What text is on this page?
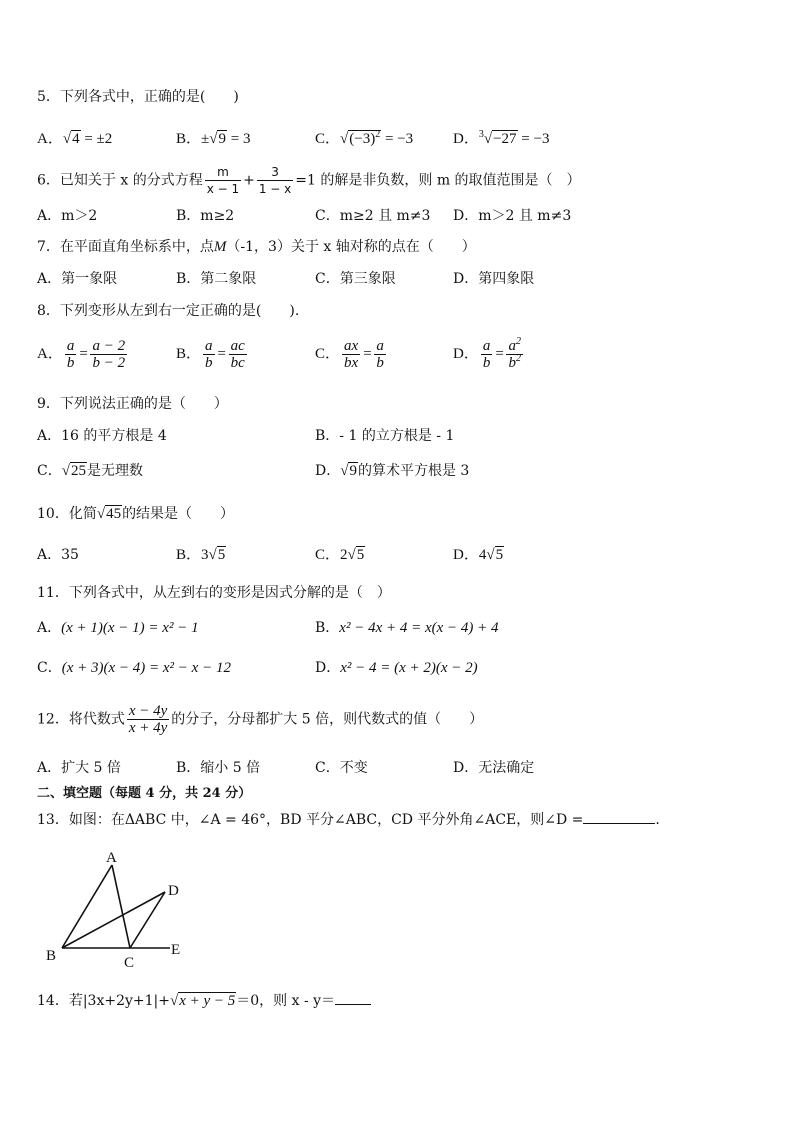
5．下列各式中，正确的是(　　)
A．√4 = ±2	B．±√9 = 3	C．$√(-3)^2 = -3$	D．$^3$√−27 = −3
6．已知关于 x 的分式方程 $\frac{m}{x - 1} + \frac{3}{1 - x} =1$ 的解是非负数，则 m 的取值范围是（　）
A．m＞2	B．m≥2	C．m≥2 且 m≠3 D．m＞2 且 m≠3
7．在平面直角坐标系中，点M（-1，3）关于 x 轴对称的点在（　　）
A．第一象限	B．第二象限	C．第三象限	D．第四象限
8．下列变形从左到右一定正确的是(　　).
A． $\frac{a}{b} = \frac{a - 2}{b - 2}$	B． $\frac{a}{b} = \frac{ac}{bc}$	C． $\frac{ax}{bx} = \frac{a}{b}$	D． $\frac{a}{b} = \frac{a^2}{b^2}$
9．下列说法正确的是（　　）
A．16 的平方根是 4	B．- 1 的立方根是 - 1
C．√25是无理数	D．√9的算术平方根是 3
10．化简√45的结果是（　　）
A．35	B．3√5	C．2√5	D．4√5
11．下列各式中，从左到右的变形是因式分解的是（　）
A．(x + 1)(x − 1) = x² − 1	B．x² − 4x + 4 = x(x − 4) + 4
C．(x + 3)(x − 4) = x² − x − 12	D．x² − 4 = (x + 2)(x − 2)
12．将代数式 $\frac{x - 4y}{x + 4y}$ 的分子，分母都扩大 5 倍，则代数式的值（　　）
A．扩大 5 倍	B．缩小 5 倍	C．不变	D．无法确定
二、填空题（每题 4 分，共 24 分）
13．如图：在ΔABC 中，∠A = 46°，BD 平分∠ABC，CD 平分外角∠ACE，则∠D =	.
A
B	C
D
E
14．若|3x+2y+1|+√x + y − 5＝0，则 x - y＝
